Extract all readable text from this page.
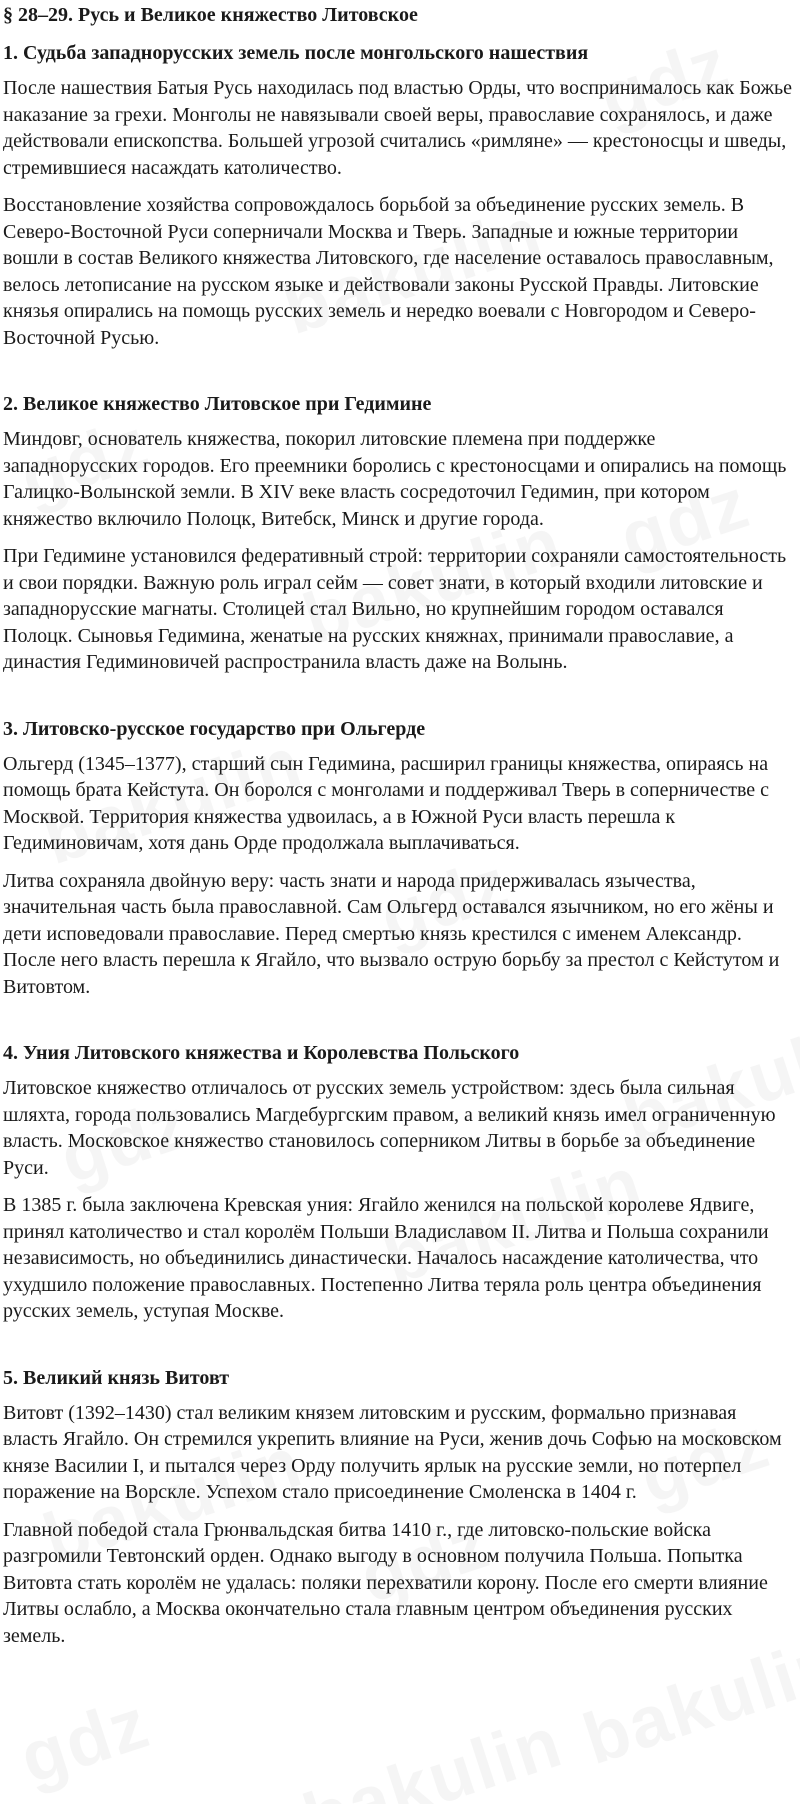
§ 28–29. Русь и Великое княжество Литовское
1. Судьба западнорусских земель после монгольского нашествия

После нашествия Батыя Русь находилась под властью Орды, что воспринималось как Божье наказание за грехи. Монголы не навязывали своей веры, православие сохранялось, и даже действовали епископства. Большей угрозой считались «римляне» — крестоносцы и шведы, стремившиеся насаждать католичество.

Восстановление хозяйства сопровождалось борьбой за объединение русских земель. В Северо-Восточной Руси соперничали Москва и Тверь. Западные и южные территории вошли в состав Великого княжества Литовского, где население оставалось православным, велось летописание на русском языке и действовали законы Русской Правды. Литовские князья опирались на помощь русских земель и нередко воевали с Новгородом и Северо-Восточной Русью.

2. Великое княжество Литовское при Гедимине

Миндовг, основатель княжества, покорил литовские племена при поддержке западнорусских городов. Его преемники боролись с крестоносцами и опирались на помощь Галицко-Волынской земли. В XIV веке власть сосредоточил Гедимин, при котором княжество включило Полоцк, Витебск, Минск и другие города.

При Гедимине установился федеративный строй: территории сохраняли самостоятельность и свои порядки. Важную роль играл сейм — совет знати, в который входили литовские и западнорусские магнаты. Столицей стал Вильно, но крупнейшим городом оставался Полоцк. Сыновья Гедимина, женатые на русских княжнах, принимали православие, а династия Гедиминовичей распространила власть даже на Волынь.

3. Литовско-русское государство при Ольгерде

Ольгерд (1345–1377), старший сын Гедимина, расширил границы княжества, опираясь на помощь брата Кейстута. Он боролся с монголами и поддерживал Тверь в соперничестве с Москвой. Территория княжества удвоилась, а в Южной Руси власть перешла к Гедиминовичам, хотя дань Орде продолжала выплачиваться.

Литва сохраняла двойную веру: часть знати и народа придерживалась язычества, значительная часть была православной. Сам Ольгерд оставался язычником, но его жёны и дети исповедовали православие. Перед смертью князь крестился с именем Александр. После него власть перешла к Ягайло, что вызвало острую борьбу за престол с Кейстутом и Витовтом.

4. Уния Литовского княжества и Королевства Польского

Литовское княжество отличалось от русских земель устройством: здесь была сильная шляхта, города пользовались Магдебургским правом, а великий князь имел ограниченную власть. Московское княжество становилось соперником Литвы в борьбе за объединение Руси.

В 1385 г. была заключена Кревская уния: Ягайло женился на польской королеве Ядвиге, принял католичество и стал королём Польши Владиславом II. Литва и Польша сохранили независимость, но объединились династически. Началось насаждение католичества, что ухудшило положение православных. Постепенно Литва теряла роль центра объединения русских земель, уступая Москве.

5. Великий князь Витовт

Витовт (1392–1430) стал великим князем литовским и русским, формально признавая власть Ягайло. Он стремился укрепить влияние на Руси, женив дочь Софью на московском князе Василии I, и пытался через Орду получить ярлык на русские земли, но потерпел поражение на Ворскле. Успехом стало присоединение Смоленска в 1404 г.

Главной победой стала Грюнвальдская битва 1410 г., где литовско-польские войска разгромили Тевтонский орден. Однако выгоду в основном получила Польша. Попытка Витовта стать королём не удалась: поляки перехватили корону. После его смерти влияние Литвы ослабло, а Москва окончательно стала главным центром объединения русских земель.
